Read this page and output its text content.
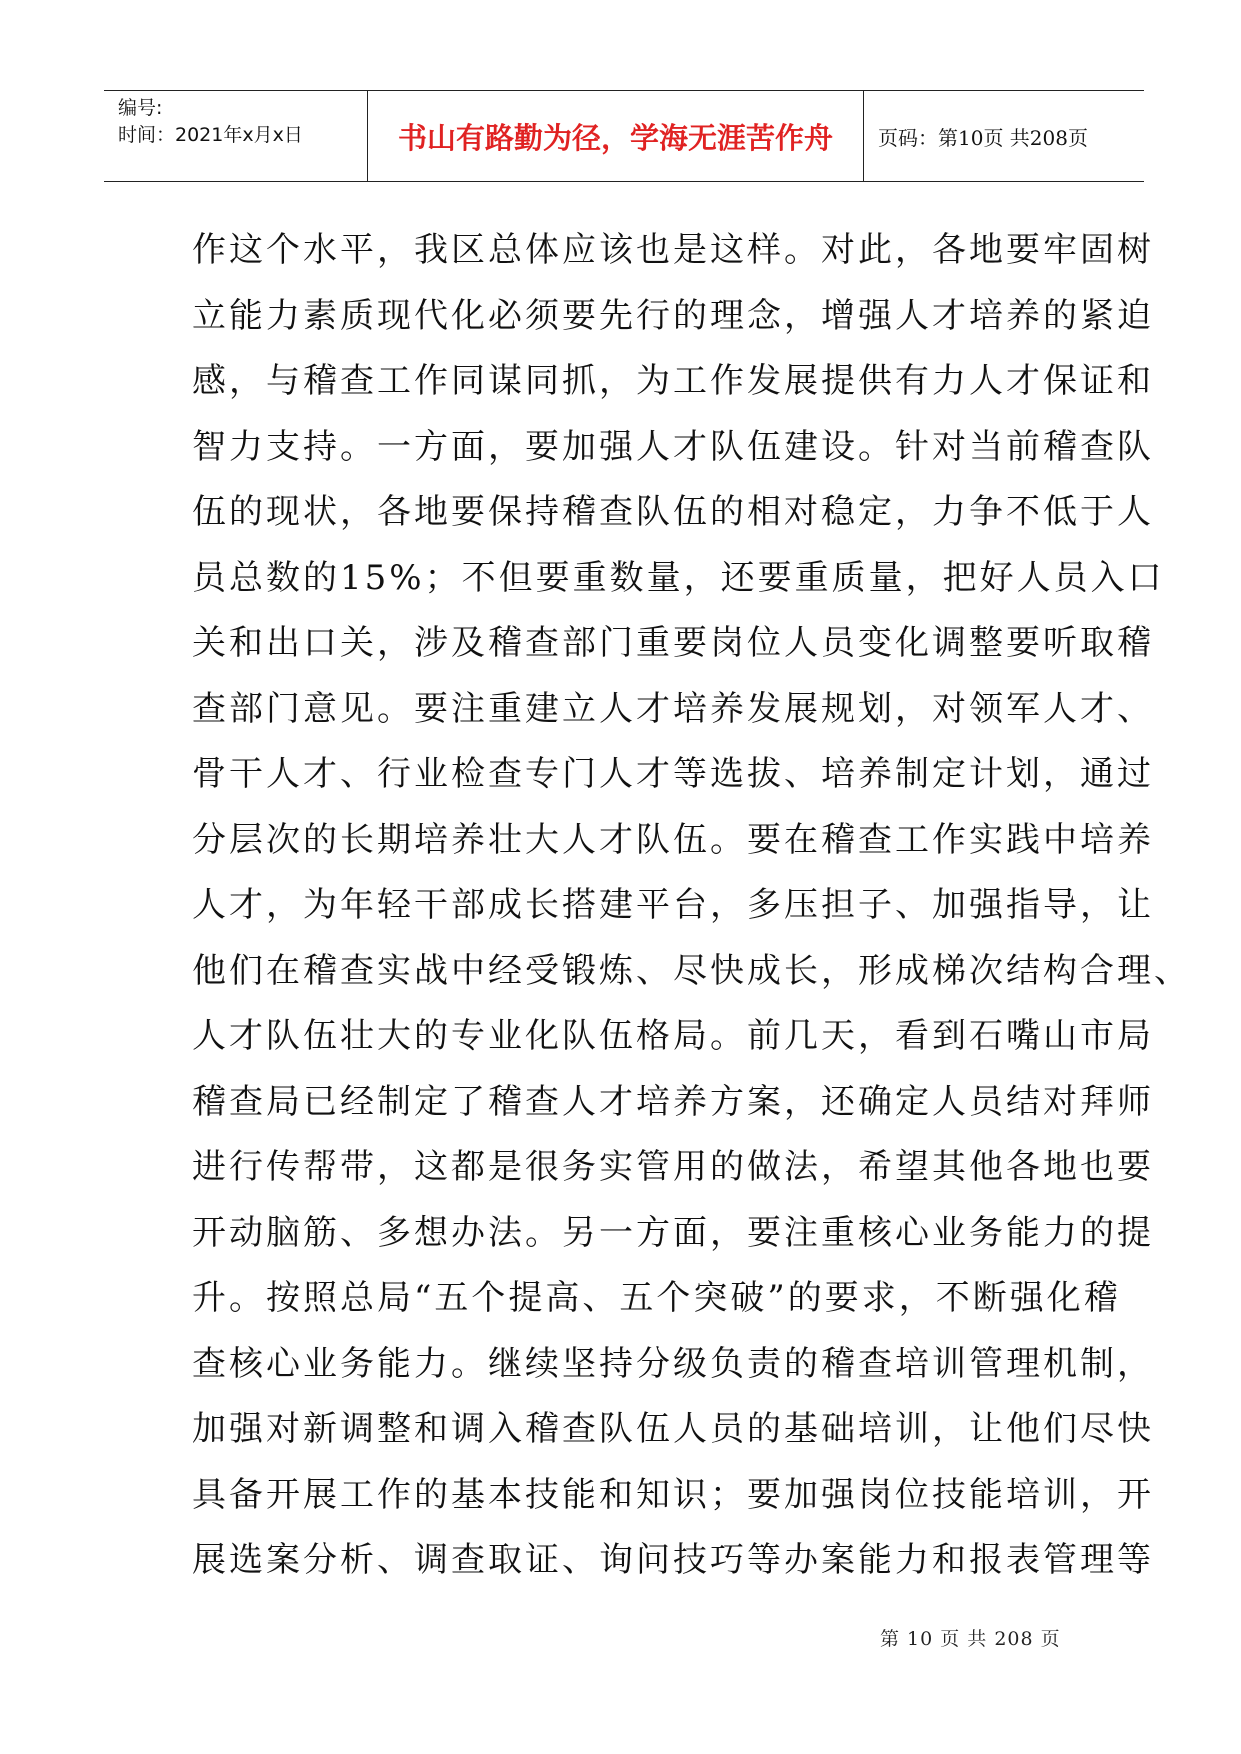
编号:
时间：2021年x月x日	书山有路勤为径，学海无涯苦作舟	页码：第10页 共208页
作这个水平，我区总体应该也是这样。对此，各地要牢固树
立能力素质现代化必须要先行的理念，增强人才培养的紧迫
感，与稽查工作同谋同抓，为工作发展提供有力人才保证和
智力支持。一方面，要加强人才队伍建设。针对当前稽查队
伍的现状，各地要保持稽查队伍的相对稳定，力争不低于人
员总数的15%；不但要重数量，还要重质量，把好人员入口
关和出口关，涉及稽查部门重要岗位人员变化调整要听取稽
查部门意见。要注重建立人才培养发展规划，对领军人才、
骨干人才、行业检查专门人才等选拔、培养制定计划，通过
分层次的长期培养壮大人才队伍。要在稽查工作实践中培养
人才，为年轻干部成长搭建平台，多压担子、加强指导，让
他们在稽查实战中经受锻炼、尽快成长，形成梯次结构合理、
人才队伍壮大的专业化队伍格局。前几天，看到石嘴山市局
稽查局已经制定了稽查人才培养方案，还确定人员结对拜师
进行传帮带，这都是很务实管用的做法，希望其他各地也要
开动脑筋、多想办法。另一方面，要注重核心业务能力的提
升。按照总局“五个提高、五个突破”的要求，不断强化稽
查核心业务能力。继续坚持分级负责的稽查培训管理机制，
加强对新调整和调入稽查队伍人员的基础培训，让他们尽快
具备开展工作的基本技能和知识；要加强岗位技能培训，开
展选案分析、调查取证、询问技巧等办案能力和报表管理等
第 10 页 共 208 页
